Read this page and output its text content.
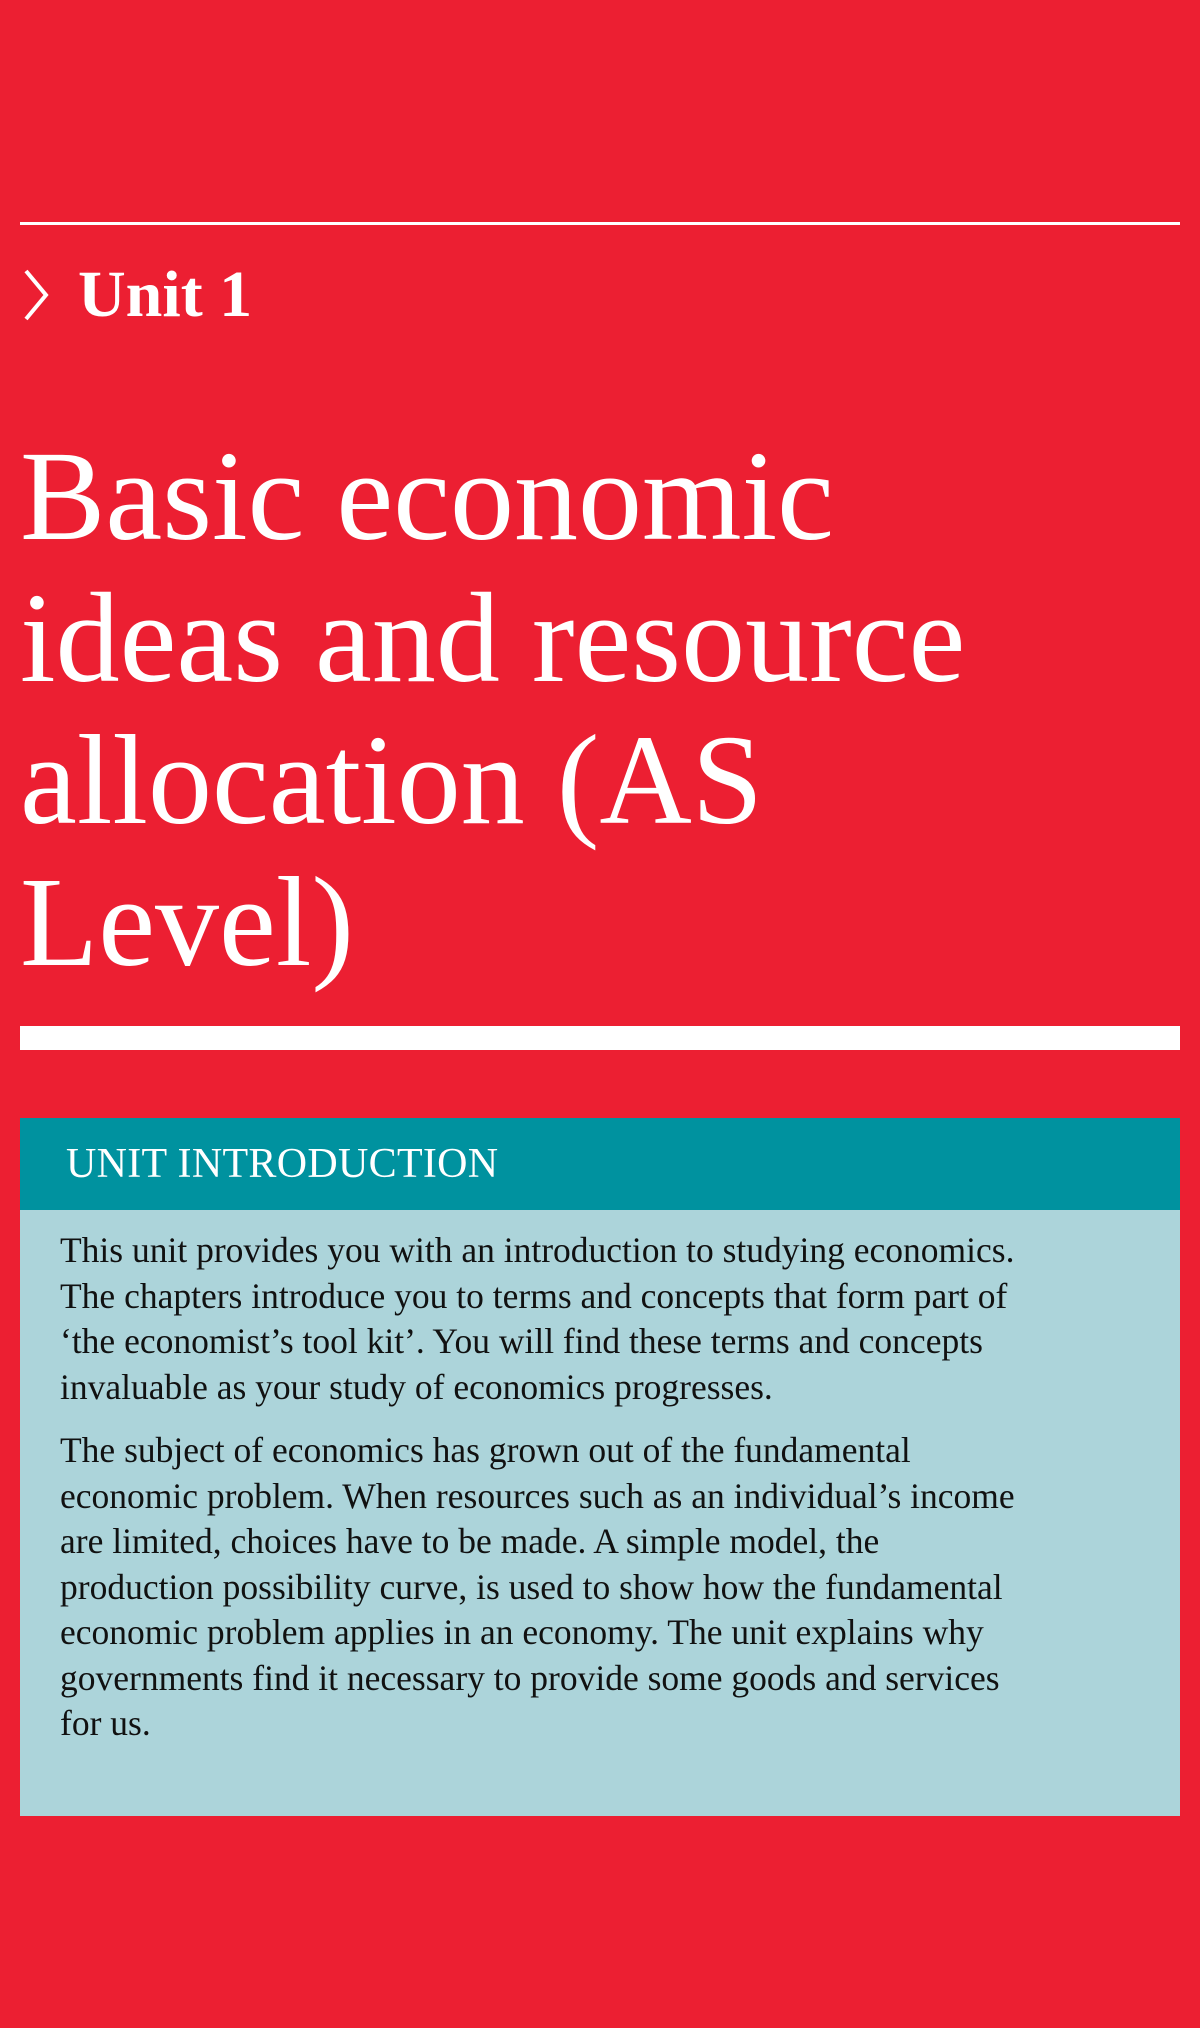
Unit 1
Basic economic
ideas and resource
allocation (AS
Level)
UNIT INTRODUCTION

This unit provides you with an introduction to studying economics.
The chapters introduce you to terms and concepts that form part of
‘the economist’s tool kit’. You will find these terms and concepts
invaluable as your study of economics progresses.

The subject of economics has grown out of the fundamental
economic problem. When resources such as an individual’s income
are limited, choices have to be made. A simple model, the
production possibility curve, is used to show how the fundamental
economic problem applies in an economy. The unit explains why
governments find it necessary to provide some goods and services
for us.
